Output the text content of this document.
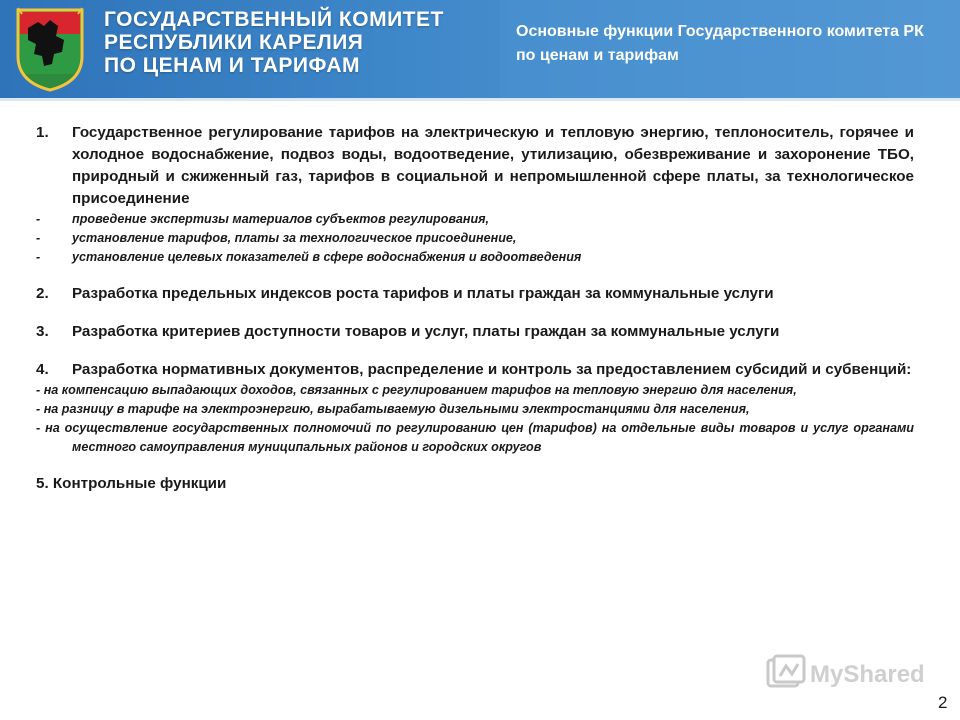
ГОСУДАРСТВЕННЫЙ КОМИТЕТ
РЕСПУБЛИКИ КАРЕЛИЯ
ПО ЦЕНАМ И ТАРИФАМ
Основные функции Государственного комитета РК по ценам и тарифам
1. Государственное регулирование тарифов на электрическую и тепловую энергию, теплоноситель, горячее и холодное водоснабжение, подвоз воды, водоотведение, утилизацию, обезвреживание и захоронение ТБО, природный и сжиженный газ, тарифов в социальной и непромышленной сфере платы, за технологическое присоединение
-	проведение экспертизы материалов субъектов регулирования,
-	установление тарифов, платы за технологическое присоединение,
-	установление целевых показателей в сфере водоснабжения и водоотведения
2. Разработка предельных индексов роста тарифов и платы граждан за коммунальные услуги
3. Разработка критериев доступности товаров и услуг, платы граждан за коммунальные услуги
4. Разработка нормативных документов, распределение и контроль за предоставлением субсидий и субвенций:
- на компенсацию выпадающих доходов, связанных с регулированием тарифов на тепловую энергию для населения,
- на разницу в тарифе на электроэнергию, вырабатываемую дизельными электростанциями для населения,
- на осуществление государственных полномочий по регулированию цен (тарифов) на отдельные виды товаров и услуг органами местного самоуправления муниципальных районов и городских округов
5. Контрольные функции
MyShared
2
